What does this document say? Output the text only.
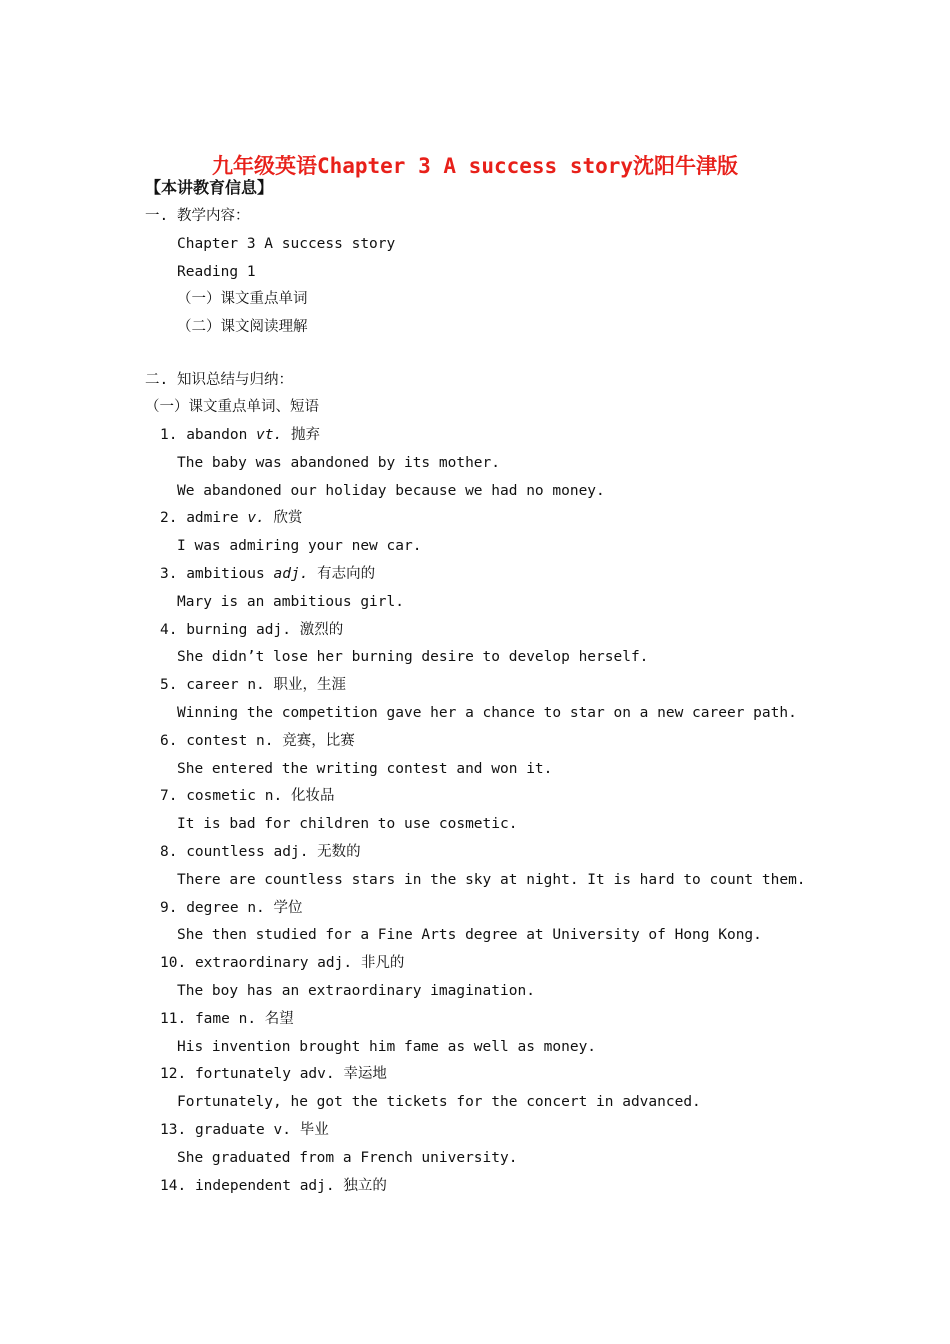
九年级英语Chapter 3 A success story沈阳牛津版
【本讲教育信息】
一. 教学内容：
Chapter 3 A success story
Reading 1
（一）课文重点单词
（二）课文阅读理解
二. 知识总结与归纳：
（一）课文重点单词、短语
1. abandon vt. 抛弃
The baby was abandoned by its mother.
We abandoned our holiday because we had no money.
2. admire v. 欣赏
I was admiring your new car.
3. ambitious adj. 有志向的
Mary is an ambitious girl.
4. burning adj. 激烈的
She didn’t lose her burning desire to develop herself.
5. career n. 职业，生涯
Winning the competition gave her a chance to star on a new career path.
6. contest n. 竞赛，比赛
She entered the writing contest and won it.
7. cosmetic n. 化妆品
It is bad for children to use cosmetic.
8. countless adj. 无数的
There are countless stars in the sky at night. It is hard to count them.
9. degree n. 学位
She then studied for a Fine Arts degree at University of Hong Kong.
10. extraordinary adj. 非凡的
The boy has an extraordinary imagination.
11. fame n. 名望
His invention brought him fame as well as money.
12. fortunately adv. 幸运地
Fortunately, he got the tickets for the concert in advanced.
13. graduate v. 毕业
She graduated from a French university.
14. independent adj. 独立的
